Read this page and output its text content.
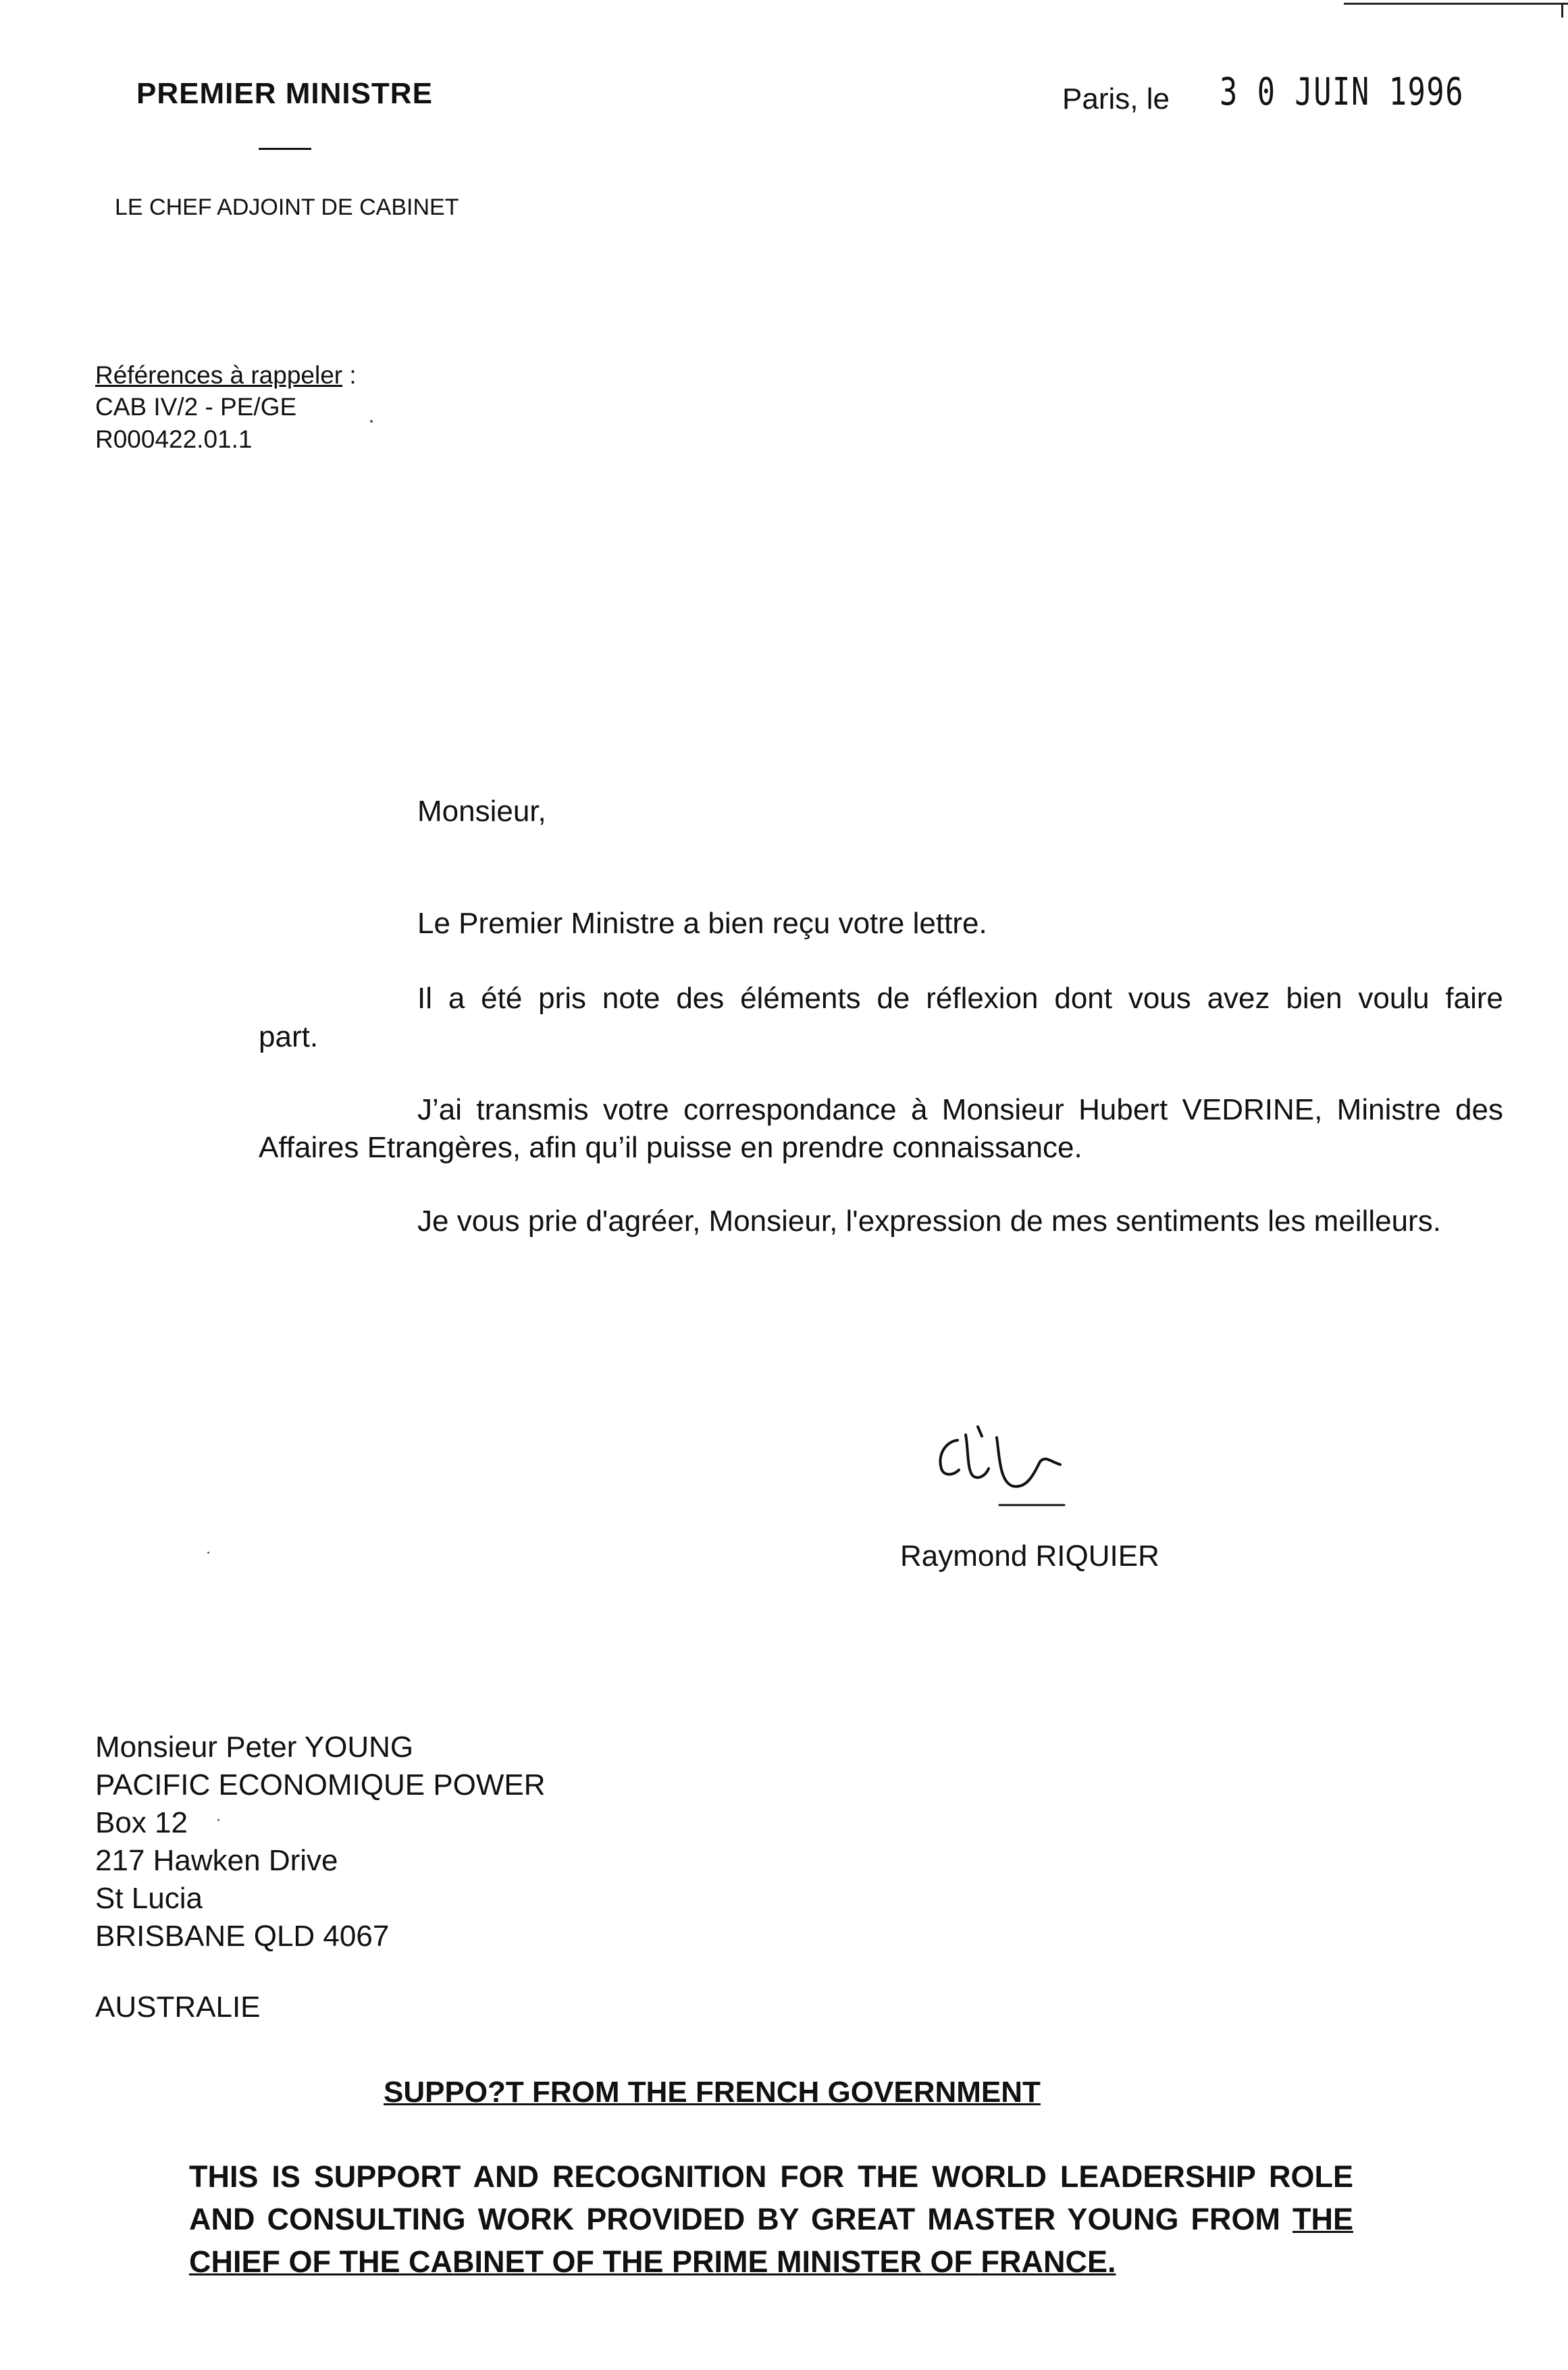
PREMIER MINISTRE

LE CHEF ADJOINT DE CABINET

Paris, le 3 0 JUIN 1996

Références à rappeler :

CAB IV/2 - PE/GE

R000422.01.1

Monsieur,

Le Premier Ministre a bien reçu votre lettre.

Il a été pris note des éléments de réflexion dont vous avez bien voulu faire

part.

J’ai transmis votre correspondance à Monsieur Hubert VEDRINE, Ministre des Affaires Etrangères, afin qu’il puisse en prendre connaissance.

Je vous prie d'agréer, Monsieur, l'expression de mes sentiments les meilleurs.

Raymond RIQUIER

Monsieur Peter YOUNG
PACIFIC ECONOMIQUE POWER
Box 12
217 Hawken Drive
St Lucia
BRISBANE QLD 4067

AUSTRALIE

SUPPO?T FROM THE FRENCH GOVERNMENT

THIS IS SUPPORT AND RECOGNITION FOR THE WORLD LEADERSHIP ROLE AND CONSULTING WORK PROVIDED BY GREAT MASTER YOUNG FROM THE CHIEF OF THE CABINET OF THE PRIME MINISTER OF FRANCE.
